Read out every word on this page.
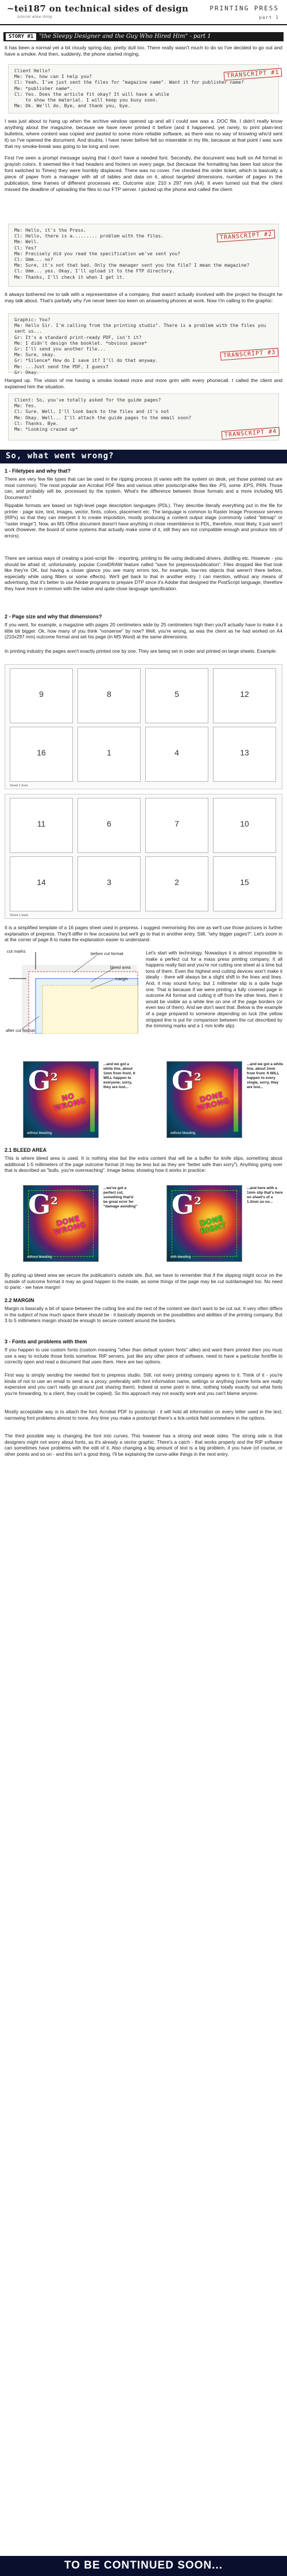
~tei187 on technical sides of design
tutorial alike thing
PRINTING PRESS
part 1
STORY #1 "the Sleepy Designer and the Guy Who Hired Him" - part 1
It has been a normal yet a bit cloudy spring day, pretty dull too. There really wasn't much to do so I've decided to go out and have a smoke. And then, suddenly, the phone started ringing.
Client Hello?
Me: Yes, how can I help you?
Cl: Yeah, I've just sent the files for "magazine name". Want it for publisher name?
Me: *publisher name*.
Cl: Yes. Does the article fit okay? It will have a while
to show the material. I will keep you busy soon.
Me: Ok. We'll do. Bye, and thank you, bye.
TRANSCRIPT #1
I was just about to hang up when the archive window opened up and all I could see was a .DOC file. I didn't really know anything about the magazine, because we have never printed it before (and it happened, yet rarely, to print plain-text bulletins, where content was copied and pasted to some more reliable software, as there was no way of knowing who'd sent it) so I've opened the document. And doubts, I have never before felt so miserable in my life, because at that point I was sure that my smoke-break was going to be long and over.
First I've seen a prompt message saying that I don't have a needed font. Secondly, the document was built on A4 format in grayish colors. It seemed like it had headers and footers on every page, but (because the formatting has been lost since the font switched to Times) they were horribly displaced. There was no cover. I've checked the order ticket, which is basically a piece of paper from a manager with all of tables and data on it, about targeted dimensions, number of pages in the publication, time frames of different processes etc. Outcome size: 210 x 297 mm (A4). It even turned out that the client missed the deadline of uploading the files to our FTP server. I picked up the phone and called the client.
Me: Hello, it's the Press.
Cl: Hello, there is a......... problem with the files.
Me: Well.
Cl: Yes?
Me: Precisely did you read the specification we've sent you?
Cl: Umm... no?
Me: Sure, it's not that bad. Only the manager sent you the file? I mean the magazine?
Cl: Umm... yes. Okay, I'll upload it to the FTP directory.
Me: Thanks, I'll check it when I get it.
TRANSCRIPT #2
It always bothered me to talk with a representative of a company, that wasn't actually involved with the project he thought he may talk about. That's partially why I've never been too keen on answering phones at work. Now I'm calling to the graphic:
Graphic: You?
Me: Hello Sir. I'm calling from the printing studio". There is a problem with the files you sent us...
Gr: It's a standard print-ready PDF, isn't it?
Me: I didn't design the booklet. *obvious pause*
Gr: I'll send you another file...
Me: Sure, okay.
Gr: *Silence* How do I save it? I'll do that anyway.
Me: ...Just send the PDF, I guess?
Gr: Okay.
TRANSCRIPT #3
Hanged up. The vision of me having a smoke looked more and more grim with every phonecall. I called the client and explained him the situation.
Client: So, you've totally asked for the guide pages?
Me: Yes.
Cl: Sure. Well, I'll look back to the files and it's not
Me: Okay. Well... I'll attach the guide pages to the email soon?
Cl: Thanks. Bye.
Me: *Looking crazed up*	TRANSCRIPT #4
So, what went wrong?
1 - Filetypes and why that?
There are very few file types that can be used in the ripping process (it varies with the system on desk, yet those pointed out are most common). The most popular are Acrobat PDF files and various other postscript-alike files like .PS, some .EPS, PRN. Those can, and probably will be, processed by the system. What's the difference between those formats and a more including MS Documents?
Rippable formats are based on high-level page description languages (PDL). They describe literally everything put in the file for printer - page size, text, images, vector, fonts, colors, placement etc. The language is common to Raster Image Processor servers (RIPs) so that they can interpret it to create imposition, mostly producing a content output stage (commonly called "bitmap" or "raster image"). Now, an MS Office document doesn't have anything in close resemblence to PDL, therefore, most likely, it just won't work (however, the board of some systems that actually make some of it, still they are not compatible enough and produce lots of errors).
There are various ways of creating a post-script file - importing, printing to file using dedicated drivers, distilling etc. However - you should be afraid of, unfortunately, popular CorelDRAW feature called "save for prepress/publication". Files dropped like that look like they're OK, but having a closer glance you see many errors too, for example, low-res objects that weren't there before, especially while using filters or some effects). We'll get back to that in another entry. I can mention, without any means of advertising, that it's better to use Adobe programs to prepare DTP since it's Adobe that designed the PostScript language, therefore they have more in common with the native and quite-close language specification.
2 - Page size and why that dimensions?
If you went, for example, a magazine with pages 20 centimeters wide by 25 centimeters high then you'll actually have to make it a little bit bigger. Ok, how many of you think "nonsense" by now? Well, you're wrong, as was the client as he had worked on A4 (210x297 mm) outcome format and set his page (in MS Word) at the same dimensions.
In printing industry the pages aren't exactly printed one by one. They are being set in order and printed on large sheets. Example:
9	8	5	12
16	1	4	13
Sheet 1 front
11	6	7	10
14	3	2	15
Sheet 1 back
It is a simplified template of a 16 pages sheet used in prepress. I suggest memorising this one as we'll use those pictures in further explanation of prepress. They'll differ in few occasions but we'll go to that in another entry. Still, "why bigger pages?". Let's zoom in at the corner of page 8 to make the explanation easier to understand.
cut marks	before cut format
bleed area
margin
after cut format
Let's start with technology. Nowadays it is almost impossible to make a perfect cut for a mass press printing company. It all happens really fast and you're not cutting one sheet at a time but tons of them. Even the highest end cutting devices won't make it ideally - there will always be a slight shift in the lines and lines. And, it may sound funny, but 1 millimeter slip is a quite huge one. That is because if we were printing a fully covered page in outcome A4 format and cutting it off from the other lines, then it would be visible as a white line on one of the page borders (or even two of them). And we don't want that. Below is the example of a page prepared to someone depending on luck (the yellow stripped line is put for comparison between the cut described by the trimming marks and a 1 mm knife slip).
$G^2$
NO WRONG
without bleeding
...and we got a white line, about 1mm from front. It WILL happen to everyone; sorry, they are lost...	$G^2$
DONE WRONG
without bleeding
...and we got a white line, about 1mm from front. It WILL happen to every single, sorry, they are lost...
2.1 BLEED AREA
This is where bleed area is used. It is nothing else but the extra content that will be a buffer for knife slips, something about additional 1-5 millimeters of the page outcome format (it may be less but as they are "better safe than sorry"). Anything going over that is described as "bulls, you're overreaching". Image below, showing how it works in practice:
$G^2$
DONE WRONG
without bleeding
...we've got a perfect cut, something that'd be great error for "damage avoiding" $G^2$
DONE RIGHT
with bleeding
...and here with a 1mm slip that's here on sheet's of a 1.3mm so no...
By putting up bleed area we secure the publication's outside site. But, we have to remember that if the slipping might occur on the outside of outcome format it may as good happen to the inside, as some things of the page may be cut out/damaged too. No need to panic - we have margin!
2.2 MARGIN
Margin is basically a bit of space between the cutting line and the rest of the content we don't want to be cut out. It very often differs in the subject of how much space there should be - it basically depends on the possibilities and abilities of the printing company. But 3 to 5 millimeters margin should be enough to secure content around the borders.
3 - Fonts and problems with them
If you happen to use custom fonts (custom meaning "other than default system fonts" alike) and want them printed then you must use a way to include those fonts somehow. RIP servers, just like any other piece of software, need to have a particular font/file to correctly open and read a document that uses them. Here are two options.
First way is simply sending the needed font to prepress studio. Still, not every printing company agrees to it. Think of it - you're kinda of not to use an email to send as a proxy, preferably with font information name, settings or anything (some fonts are really expensive and you can't really go around just sharing them). Indeed at some point in time, nothing totally exactly out what fonts you're forwarding, to a client, they could be copied). So this approach may not exactly work and you can't blame anyone.
Mostly acceptable way is to attach the font. Acrobat PDF to postscript - it will hold all information on every letter used in the text, narrowing font problems almost to none. Any time you make a postscript there's a tick-untick field somewhere in the options.
The third possible way is changing the font into curves. This however has a strong and weak sides. The strong side is that designers might not worry about fonts, as it's already a vector graphic. There's a catch - that works properly and the RIP software can sometimes have problems with the edit of it. Also changing a big amount of text is a big problem, if you have (of course, or other points and so on - and this isn't a good thing. I'll be explaining the curve-alike things in the next entry.
TO BE CONTINUED SOON...
